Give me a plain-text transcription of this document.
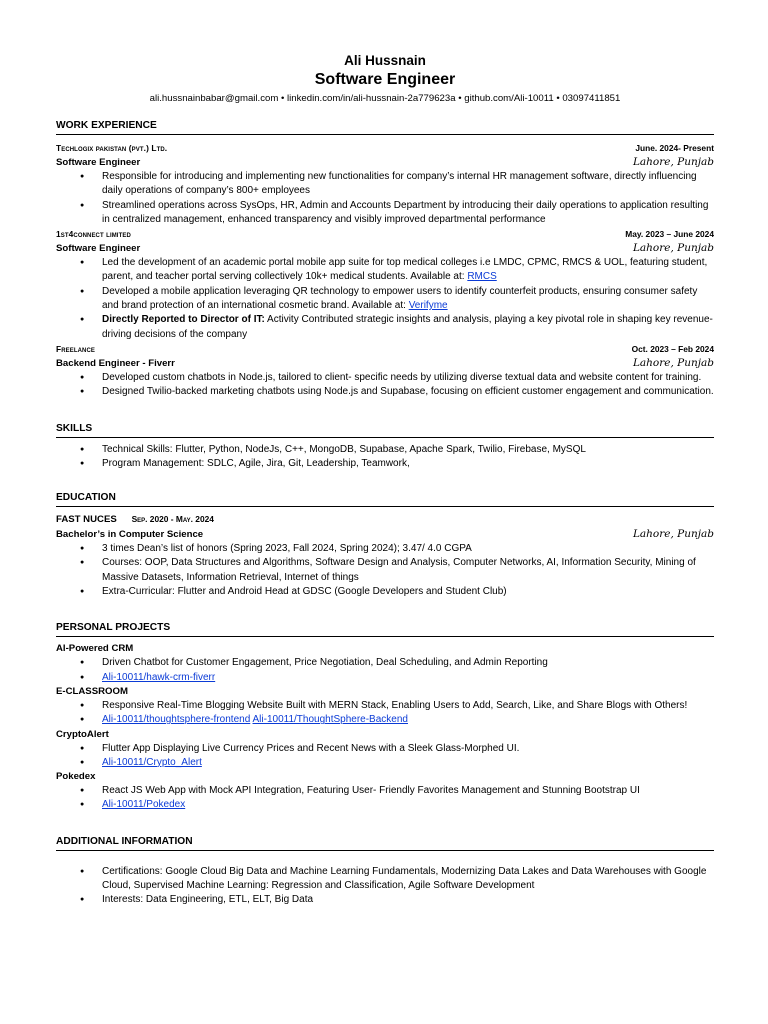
Ali Hussnain
Software Engineer
ali.hussnainbabar@gmail.com • linkedin.com/in/ali-hussnain-2a779623a • github.com/Ali-10011 • 03097411851
WORK EXPERIENCE
Techlogix pakistan (pvt.) Ltd.	June. 2024- Present
Software Engineer	Lahore, Punjab
● Responsible for introducing and implementing new functionalities for company’s internal HR management software, directly influencing daily operations of company’s 800+ employees
● Streamlined operations across SysOps, HR, Admin and Accounts Department by introducing their daily operations to application resulting in centralized management, enhanced transparency and visibly improved departmental performance
1st4connect limited	May. 2023 – June 2024
Software Engineer	Lahore, Punjab
● Led the development of an academic portal mobile app suite for top medical colleges i.e LMDC, CPMC, RMCS & UOL, featuring student, parent, and teacher portal serving collectively 10k+ medical students. Available at: RMCS
● Developed a mobile application leveraging QR technology to empower users to identify counterfeit products, ensuring consumer safety and brand protection of an international cosmetic brand. Available at: Verifyme
● Directly Reported to Director of IT: Activity Contributed strategic insights and analysis, playing a key pivotal role in shaping key revenue-driving decisions of the company
Freelance	Oct. 2023 – Feb 2024
Backend Engineer - Fiverr	Lahore, Punjab
● Developed custom chatbots in Node.js, tailored to client- specific needs by utilizing diverse textual data and website content for training.
● Designed Twilio-backed marketing chatbots using Node.js and Supabase, focusing on efficient customer engagement and communication.
SKILLS
● Technical Skills: Flutter, Python, NodeJs, C++, MongoDB, Supabase, Apache Spark, Twilio, Firebase, MySQL
● Program Management: SDLC, Agile, Jira, Git, Leadership, Teamwork,
EDUCATION
FAST NUCES Sep. 2020 - May. 2024
Bachelor’s in Computer Science	Lahore, Punjab
● 3 times Dean’s list of honors (Spring 2023, Fall 2024, Spring 2024); 3.47/ 4.0 CGPA
● Courses: OOP, Data Structures and Algorithms, Software Design and Analysis, Computer Networks, AI, Information Security, Mining of Massive Datasets, Information Retrieval, Internet of things
● Extra-Curricular: Flutter and Android Head at GDSC (Google Developers and Student Club)
PERSONAL PROJECTS
AI-Powered CRM
● Driven Chatbot for Customer Engagement, Price Negotiation, Deal Scheduling, and Admin Reporting
● Ali-10011/hawk-crm-fiverr
E-CLASSROOM
● Responsive Real-Time Blogging Website Built with MERN Stack, Enabling Users to Add, Search, Like, and Share Blogs with Others!
● Ali-10011/thoughtsphere-frontend Ali-10011/ThoughtSphere-Backend
CryptoAlert
● Flutter App Displaying Live Currency Prices and Recent News with a Sleek Glass-Morphed UI.
● Ali-10011/Crypto_Alert
Pokedex
● React JS Web App with Mock API Integration, Featuring User- Friendly Favorites Management and Stunning Bootstrap UI
● Ali-10011/Pokedex
ADDITIONAL INFORMATION
● Certifications: Google Cloud Big Data and Machine Learning Fundamentals, Modernizing Data Lakes and Data Warehouses with Google Cloud, Supervised Machine Learning: Regression and Classification, Agile Software Development
● Interests: Data Engineering, ETL, ELT, Big Data
